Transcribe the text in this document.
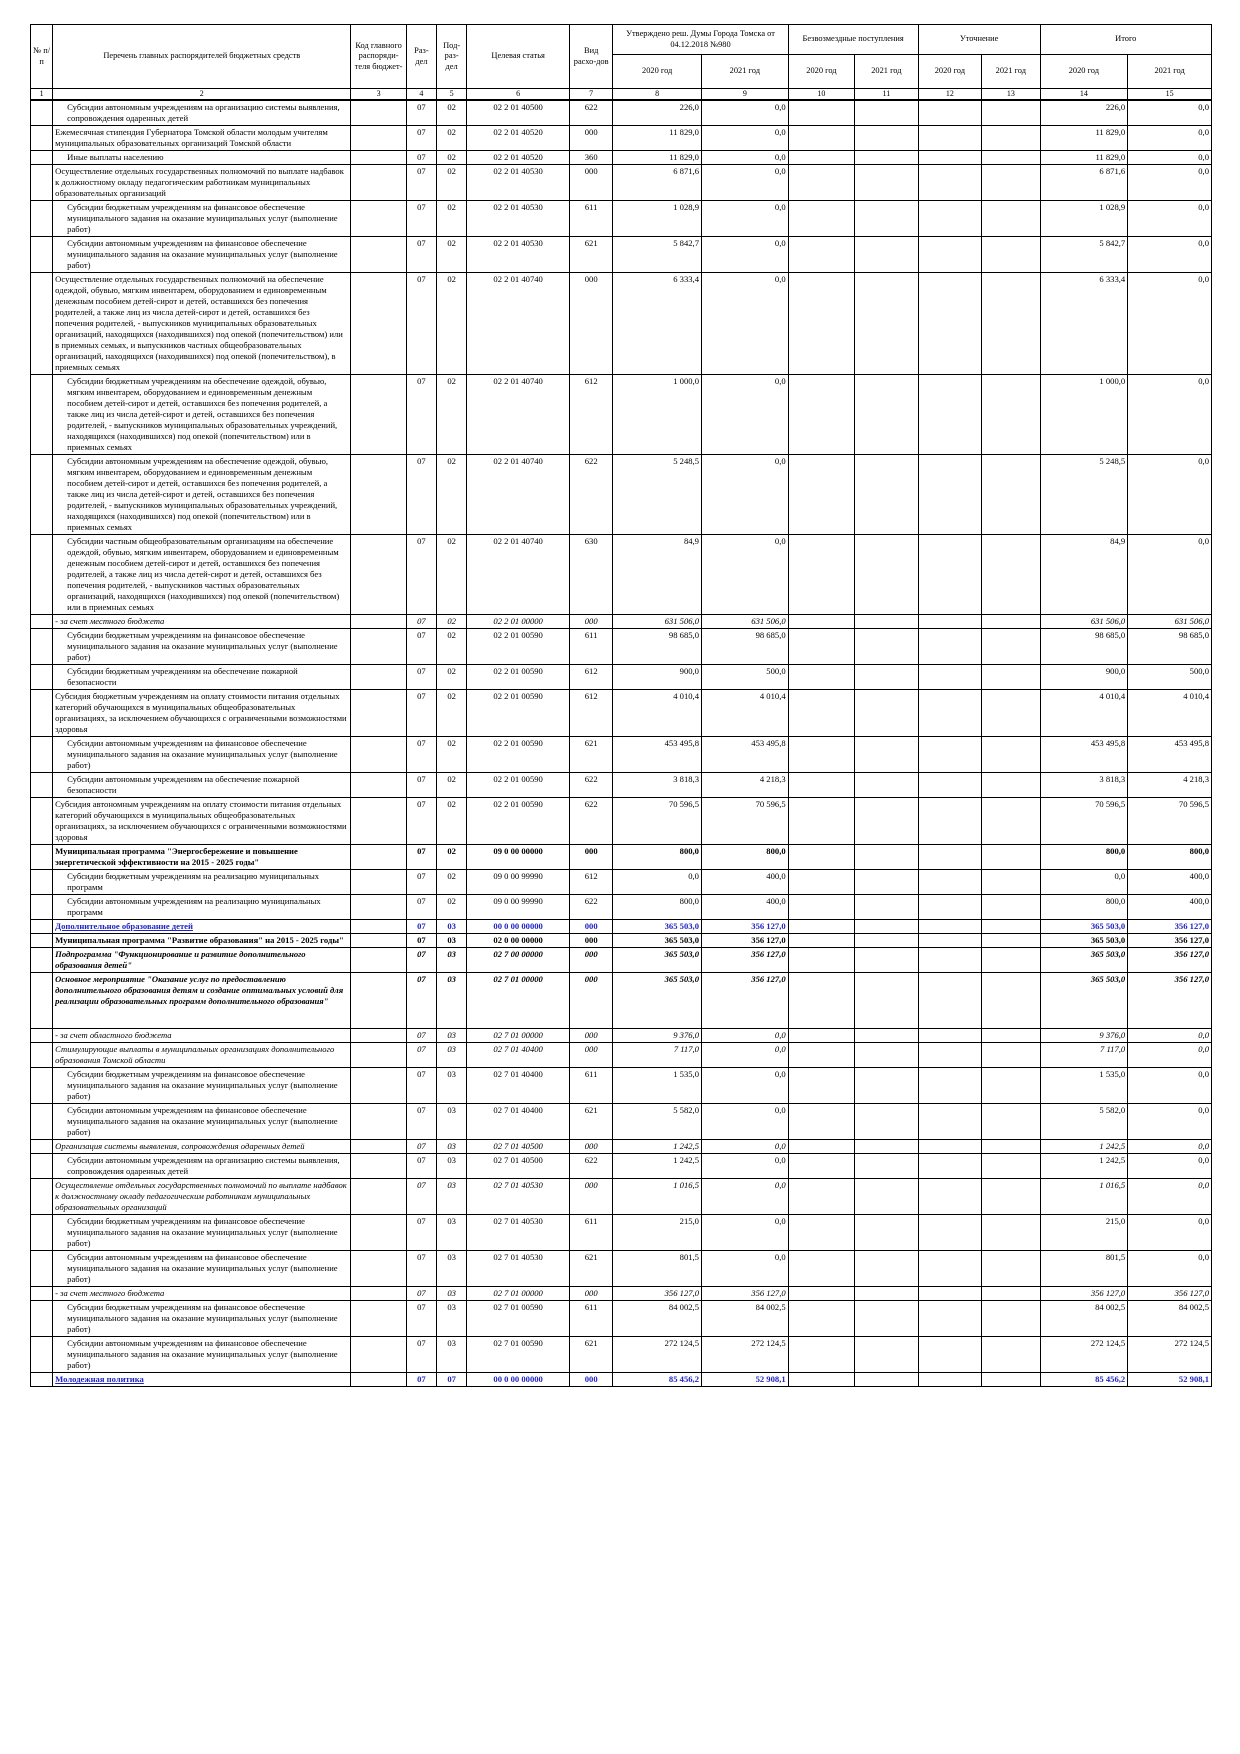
№ п/п	Перечень главных распорядителей бюджетных средств	Код главного распоряди-теля бюджет-	Раз-дел	Под-раз-дел	Целевая статья	Вид расхо-дов	Утверждено реш. Думы Города Томска от 04.12.2018 №980		Безвозмездные поступления		Уточнение		Итого	
							2020 год	2021 год	2020 год	2021 год	2020 год	2021 год	2020 год	2021 год
1	2	3	4	5	6	7	8	9	10	11	12	13	14	15
	Субсидии автономным учреждениям на организацию системы выявления, сопровождения одаренных детей		07	02	02 2 01 40500	622	226,0	0,0					226,0	0,0
	Ежемесячная стипендия Губернатора Томской области молодым учителям муниципальных образовательных организаций Томской области		07	02	02 2 01 40520	000	11 829,0	0,0					11 829,0	0,0
	Иные выплаты населению		07	02	02 2 01 40520	360	11 829,0	0,0					11 829,0	0,0
	Осуществление отдельных государственных полномочий по выплате надбавок к должностному окладу педагогическим работникам муниципальных образовательных организаций		07	02	02 2 01 40530	000	6 871,6	0,0					6 871,6	0,0
	Субсидии бюджетным учреждениям на финансовое обеспечение муниципального задания на оказание муниципальных услуг (выполнение работ)		07	02	02 2 01 40530	611	1 028,9	0,0					1 028,9	0,0
	Субсидии автономным учреждениям на финансовое обеспечение муниципального задания на оказание муниципальных услуг (выполнение работ)		07	02	02 2 01 40530	621	5 842,7	0,0					5 842,7	0,0
	Осуществление отдельных государственных полномочий на обеспечение одеждой, обувью, мягким инвентарем, оборудованием и единовременным денежным пособием детей-сирот и детей, оставшихся без попечения родителей, а также лиц из числа детей-сирот и детей, оставшихся без попечения родителей, - выпускников муниципальных образовательных организаций, находящихся (находившихся) под опекой (попечительством) или в приемных семьях, и выпускников частных общеобразовательных организаций, находящихся (находившихся) под опекой (попечительством), в приемных семьях		07	02	02 2 01 40740	000	6 333,4	0,0					6 333,4	0,0
	Субсидии бюджетным учреждениям на обеспечение одеждой, обувью, мягким инвентарем, оборудованием и единовременным денежным пособием детей-сирот и детей, оставшихся без попечения родителей, а также лиц из числа детей-сирот и детей, оставшихся без попечения родителей, - выпускников муниципальных образовательных учреждений, находящихся (находившихся) под опекой (попечительством) или в приемных семьях		07	02	02 2 01 40740	612	1 000,0	0,0					1 000,0	0,0
	Субсидии автономным учреждениям на обеспечение одеждой, обувью, мягким инвентарем, оборудованием и единовременным денежным пособием детей-сирот и детей, оставшихся без попечения родителей, а также лиц из числа детей-сирот и детей, оставшихся без попечения родителей, - выпускников муниципальных образовательных учреждений, находящихся (находившихся) под опекой (попечительством) или в приемных семьях		07	02	02 2 01 40740	622	5 248,5	0,0					5 248,5	0,0
	Субсидии частным общеобразовательным организациям на обеспечение одеждой, обувью, мягким инвентарем, оборудованием и единовременным денежным пособием детей-сирот и детей, оставшихся без попечения родителей, а также лиц из числа детей-сирот и детей, оставшихся без попечения родителей, - выпускников частных образовательных организаций, находящихся (находившихся) под опекой (попечительством) или в приемных семьях		07	02	02 2 01 40740	630	84,9	0,0					84,9	0,0
	- за счет местного бюджета		07	02	02 2 01 00000	000	631 506,0	631 506,0					631 506,0	631 506,0
	Субсидии бюджетным учреждениям на финансовое обеспечение муниципального задания на оказание муниципальных услуг (выполнение работ)		07	02	02 2 01 00590	611	98 685,0	98 685,0					98 685,0	98 685,0
	Субсидии бюджетным учреждениям на обеспечение пожарной безопасности		07	02	02 2 01 00590	612	900,0	500,0					900,0	500,0
	Субсидия бюджетным учреждениям на оплату стоимости питания отдельных категорий обучающихся в муниципальных общеобразовательных организациях, за исключением обучающихся с ограниченными возможностями здоровья		07	02	02 2 01 00590	612	4 010,4	4 010,4					4 010,4	4 010,4
	Субсидии автономным учреждениям на финансовое обеспечение муниципального задания на оказание муниципальных услуг (выполнение работ)		07	02	02 2 01 00590	621	453 495,8	453 495,8					453 495,8	453 495,8
	Субсидии автономным учреждениям на обеспечение пожарной безопасности		07	02	02 2 01 00590	622	3 818,3	4 218,3					3 818,3	4 218,3
	Субсидия автономным учреждениям на оплату стоимости питания отдельных категорий обучающихся в муниципальных общеобразовательных организациях, за исключением обучающихся с ограниченными возможностями здоровья		07	02	02 2 01 00590	622	70 596,5	70 596,5					70 596,5	70 596,5
	Муниципальная программа "Энергосбережение и повышение энергетической эффективности на 2015 - 2025 годы"		07	02	09 0 00 00000	000	800,0	800,0					800,0	800,0
	Субсидии бюджетным учреждениям на реализацию муниципальных программ		07	02	09 0 00 99990	612	0,0	400,0					0,0	400,0
	Субсидии автономным учреждениям на реализацию муниципальных программ		07	02	09 0 00 99990	622	800,0	400,0					800,0	400,0
	Дополнительное образование детей		07	03	00 0 00 00000	000	365 503,0	356 127,0					365 503,0	356 127,0
	Муниципальная программа "Развитие образования" на 2015 - 2025 годы"		07	03	02 0 00 00000	000	365 503,0	356 127,0					365 503,0	356 127,0
	Подпрограмма "Функционирование и развитие дополнительного образования детей"		07	03	02 7 00 00000	000	365 503,0	356 127,0					365 503,0	356 127,0
	Основное мероприятие "Оказание услуг по предоставлению дополнительного образования детям и создание оптимальных условий для реализации образовательных программ дополнительного образования"		07	03	02 7 01 00000	000	365 503,0	356 127,0					365 503,0	356 127,0
	- за счет областного бюджета		07	03	02 7 01 00000	000	9 376,0	0,0					9 376,0	0,0
	Стимулирующие выплаты в муниципальных организациях дополнительного образования Томской области		07	03	02 7 01 40400	000	7 117,0	0,0					7 117,0	0,0
	Субсидии бюджетным учреждениям на финансовое обеспечение муниципального задания на оказание муниципальных услуг (выполнение работ)		07	03	02 7 01 40400	611	1 535,0	0,0					1 535,0	0,0
	Субсидии автономным учреждениям на финансовое обеспечение муниципального задания на оказание муниципальных услуг (выполнение работ)		07	03	02 7 01 40400	621	5 582,0	0,0					5 582,0	0,0
	Организация системы выявления, сопровождения одаренных детей		07	03	02 7 01 40500	000	1 242,5	0,0					1 242,5	0,0
	Субсидии автономным учреждениям на организацию системы выявления, сопровождения одаренных детей		07	03	02 7 01 40500	622	1 242,5	0,0					1 242,5	0,0
	Осуществление отдельных государственных полномочий по выплате надбавок к должностному окладу педагогическим работникам муниципальных образовательных организаций		07	03	02 7 01 40530	000	1 016,5	0,0					1 016,5	0,0
	Субсидии бюджетным учреждениям на финансовое обеспечение муниципального задания на оказание муниципальных услуг (выполнение работ)		07	03	02 7 01 40530	611	215,0	0,0					215,0	0,0
	Субсидии автономным учреждениям на финансовое обеспечение муниципального задания на оказание муниципальных услуг (выполнение работ)		07	03	02 7 01 40530	621	801,5	0,0					801,5	0,0
	- за счет местного бюджета		07	03	02 7 01 00000	000	356 127,0	356 127,0					356 127,0	356 127,0
	Субсидии бюджетным учреждениям на финансовое обеспечение муниципального задания на оказание муниципальных услуг (выполнение работ)		07	03	02 7 01 00590	611	84 002,5	84 002,5					84 002,5	84 002,5
	Субсидии автономным учреждениям на финансовое обеспечение муниципального задания на оказание муниципальных услуг (выполнение работ)		07	03	02 7 01 00590	621	272 124,5	272 124,5					272 124,5	272 124,5
	Молодежная политика		07	07	00 0 00 00000	000	85 456,2	52 908,1					85 456,2	52 908,1
